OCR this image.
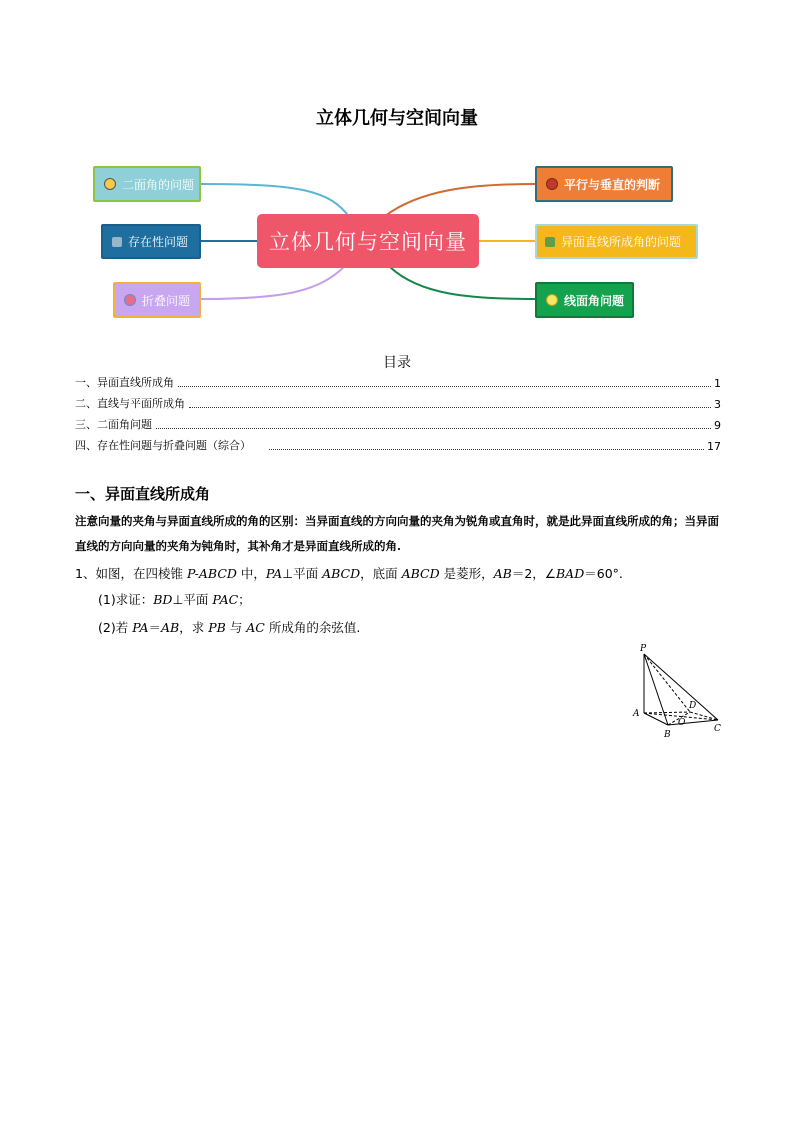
立体几何与空间向量
立体几何与空间向量
二面角的问题
存在性问题
折叠问题
平行与垂直的判断
异面直线所成角的问题
线面角问题
目录
一、异面直线所成角	1
二、直线与平面所成角	3
三、二面角问题	9
四、存在性问题与折叠问题（综合）	17
一、异面直线所成角
注意向量的夹角与异面直线所成的角的区别：当异面直线的方向向量的夹角为锐角或直角时，就是此异面直线所成的角；当异面直线的方向向量的夹角为钝角时，其补角才是异面直线所成的角.
1、如图，在四棱锥 P-ABCD 中，PA⊥平面 ABCD，底面 ABCD 是菱形，AB＝2，∠BAD＝60°.
(1)求证：BD⊥平面 PAC；
(2)若 PA＝AB，求 PB 与 AC 所成角的余弦值.
P
A
B
C
D
O
